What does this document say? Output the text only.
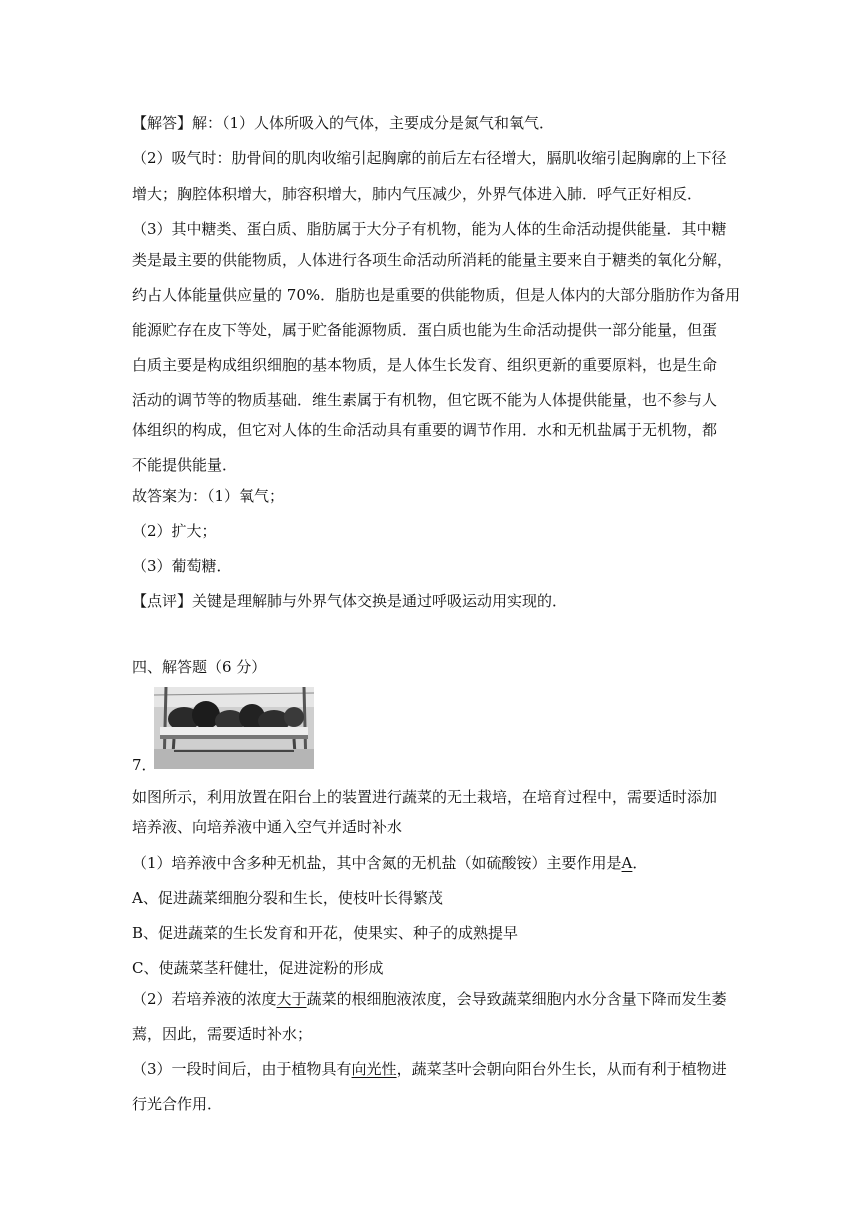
【解答】解：（1）人体所吸入的气体，主要成分是氮气和氧气．
（2）吸气时：肋骨间的肌肉收缩引起胸廓的前后左右径增大，膈肌收缩引起胸廓的上下径
增大；胸腔体积增大，肺容积增大，肺内气压减少，外界气体进入肺．呼气正好相反．
（3）其中糖类、蛋白质、脂肪属于大分子有机物，能为人体的生命活动提供能量．其中糖
类是最主要的供能物质，人体进行各项生命活动所消耗的能量主要来自于糖类的氧化分解，
约占人体能量供应量的 70%．脂肪也是重要的供能物质，但是人体内的大部分脂肪作为备用
能源贮存在皮下等处，属于贮备能源物质．蛋白质也能为生命活动提供一部分能量，但蛋
白质主要是构成组织细胞的基本物质，是人体生长发育、组织更新的重要原料，也是生命
活动的调节等的物质基础．维生素属于有机物，但它既不能为人体提供能量，也不参与人
体组织的构成，但它对人体的生命活动具有重要的调节作用．水和无机盐属于无机物，都
不能提供能量．
故答案为：（1）氧气；
（2）扩大；
（3）葡萄糖．
【点评】关键是理解肺与外界气体交换是通过呼吸运动用实现的．
四、解答题（6 分）
7．
如图所示，利用放置在阳台上的装置进行蔬菜的无土栽培，在培育过程中，需要适时添加
培养液、向培养液中通入空气并适时补水
（1）培养液中含多种无机盐，其中含氮的无机盐（如硫酸铵）主要作用是A．
A、促进蔬菜细胞分裂和生长，使枝叶长得繁茂
B、促进蔬菜的生长发育和开花，使果实、种子的成熟提早
C、使蔬菜茎秆健壮，促进淀粉的形成
（2）若培养液的浓度大于蔬菜的根细胞液浓度，会导致蔬菜细胞内水分含量下降而发生萎
蔫，因此，需要适时补水；
（3）一段时间后，由于植物具有向光性，蔬菜茎叶会朝向阳台外生长，从而有利于植物进
行光合作用．
